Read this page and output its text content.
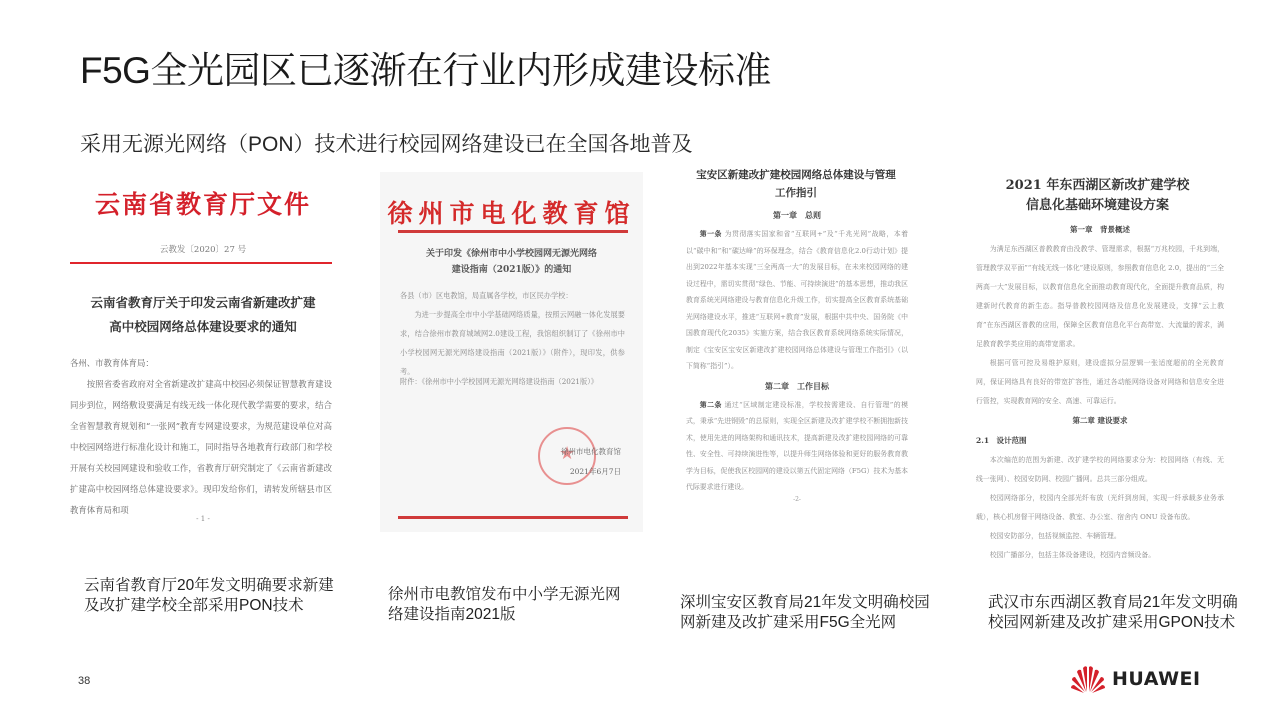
F5G全光园区已逐渐在行业内形成建设标准
采用无源光网络（PON）技术进行校园网络建设已在全国各地普及
云南省教育厅文件
云教发〔2020〕27 号
云南省教育厅关于印发云南省新建改扩建
高中校园网络总体建设要求的通知
各州、市教育体育局：
按照省委省政府对全省新建改扩建高中校园必须保证智慧教育建设同步到位，网络敷设要满足有线无线一体化现代教学需要的要求，结合全省智慧教育规划和“一张网”教育专网建设要求，为规范建设单位对高中校园网络进行标准化设计和施工，同时指导各地教育行政部门和学校开展有关校园网建设和验收工作，省教育厅研究制定了《云南省新建改扩建高中校园网络总体建设要求》。现印发给你们，请转发所辖县市区教育体育局和项
- 1 -
徐州市电化教育馆
关于印发《徐州市中小学校园网无源光网络
建设指南（2021版）》的通知
各县（市）区电教馆，局直属各学校，市区民办学校：
为进一步提高全市中小学基础网络质量，按照云网融一体化发展要求，结合徐州市教育城域网2.0建设工程，我馆组织制订了《徐州市中小学校园网无源光网络建设指南（2021版）》（附件），现印发，供参考。
附件：《徐州市中小学校园网无源光网络建设指南（2021版）》
★
徐州市电化教育馆
2021年6月7日
宝安区新建改扩建校园网络总体建设与管理
工作指引
第一章　总则
第一条 为贯彻落实国家和省“互联网+”及“千兆光网”战略，本着以“碳中和”和“碳达峰”的环保理念，结合《教育信息化2.0行动计划》提出到2022年基本实现“三全两高一大”的发展目标，在未来校园网络的建设过程中，需切实贯彻“绿色、节能、可持续演进”的基本思想，推动我区教育系统光网络建设与教育信息化升级工作，切实提高全区教育系统基础光网络建设水平，推进“互联网+教育”发展，根据中共中央、国务院《中国教育现代化2035》实施方案，结合我区教育系统网络系统实际情况，制定《宝安区宝安区新建改扩建校园网络总体建设与管理工作指引》（以下简称“指引”）。
第二章　工作目标
第二条 通过“区域制定建设标准，学校按需建设、自行管理”的模式，秉承“先进钢毁”的总原则，实现全区新建及改扩建学校不断拥抱新技术，使用先进的网络架构和通讯技术，提高新建及改扩建校园网络的可靠性、安全性、可持续演进性等，以提升师生网络体验和更好的服务教育教学为目标，促使我区校园网的建设以第五代固定网络（F5G）技术为基本代际要求进行建设。
-2-
2021 年东西湖区新改扩建学校
信息化基础环境建设方案
第一章　背景概述
为满足东西湖区普教教育由没教学、管理需求，根据“万兆校园，千兆到端，管理教学双平面”“有线无线一体化”建设原则，参照教育信息化 2.0，提出的“三全两高一大”发展目标，以教育信息化全面推动教育现代化，全面提升教育品质，构建新时代教育的新生态。指导普教校园网络及信息化发展建设，支撑“云上教育”在东西湖区普教的应用，保障全区教育信息化平台高带宽、大流量的需求，满足教育教学类应用的高带宽需求。
根据可管可控及易维护原则，建设虚拟分层逻辑一张适度超前的全光教育网，保证网络具有良好的带宽扩容性，通过各动能网络设备对网络和信息安全进行管控，实现教育网的安全、高速、可靠运行。
第二章 建设要求
2.1　设计范围
本次编范的范围为新建、改扩建学校的网络要求分为：校园网络（有线、无线一张网）、校园安防网、校园广播网。总共三部分组成。
校园网络部分，校园内全部光纤布放（光纤到房间，实现一纤承载多业务承载），核心机房督干网络设备、教室、办公室、宿舍内 ONU 设备布放。
校园安防部分，包括视频监控、车辆管理。
校园广播部分，包括主体设备建设，校园内音频设备。
云南省教育厅20年发文明确要求新建
及改扩建学校全部采用PON技术
徐州市电教馆发布中小学无源光网
络建设指南2021版
深圳宝安区教育局21年发文明确校园
网新建及改扩建采用F5G全光网
武汉市东西湖区教育局21年发文明确
校园网新建及改扩建采用GPON技术
38	HUAWEI
